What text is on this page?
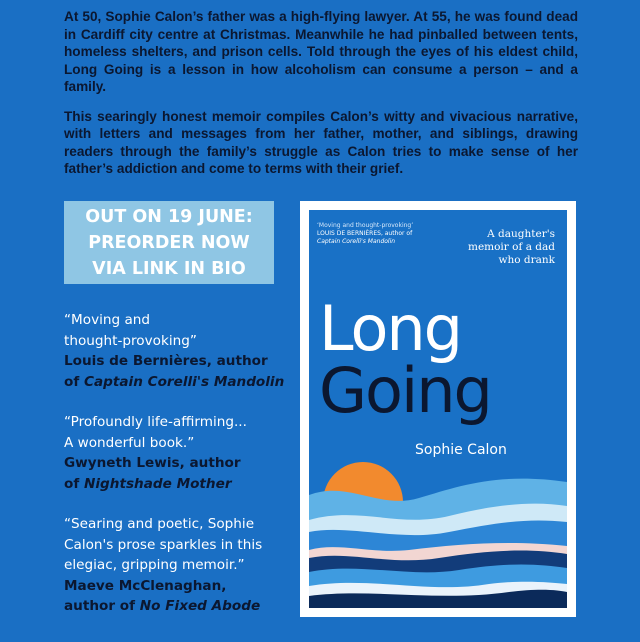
At 50, Sophie Calon’s father was a high-flying lawyer. At 55, he was found dead in Cardiff city centre at Christmas. Meanwhile he had pinballed between tents, homeless shelters, and prison cells. Told through the eyes of his eldest child, Long Going is a lesson in how alcoholism can consume a person – and a family.

This searingly honest memoir compiles Calon’s witty and vivacious narrative, with letters and messages from her father, mother, and siblings, drawing readers through the family’s struggle as Calon tries to make sense of her father’s addiction and come to terms with their grief.

OUT ON 19 JUNE:
PREORDER NOW
VIA LINK IN BIO
“Moving and
thought-provoking”
Louis de Bernières, author
of Captain Corelli's Mandolin
“Profoundly life-affirming...
A wonderful book.”
Gwyneth Lewis, author
of Nightshade Mother
“Searing and poetic, Sophie
Calon's prose sparkles in this
elegiac, gripping memoir.”
Maeve McClenaghan,
author of No Fixed Abode
‘Moving and thought-provoking’
LOUIS DE BERNIÈRES, author of
Captain Corelli's Mandolin
A daughter's memoir of a dad who drank
Long
Going
Sophie Calon
